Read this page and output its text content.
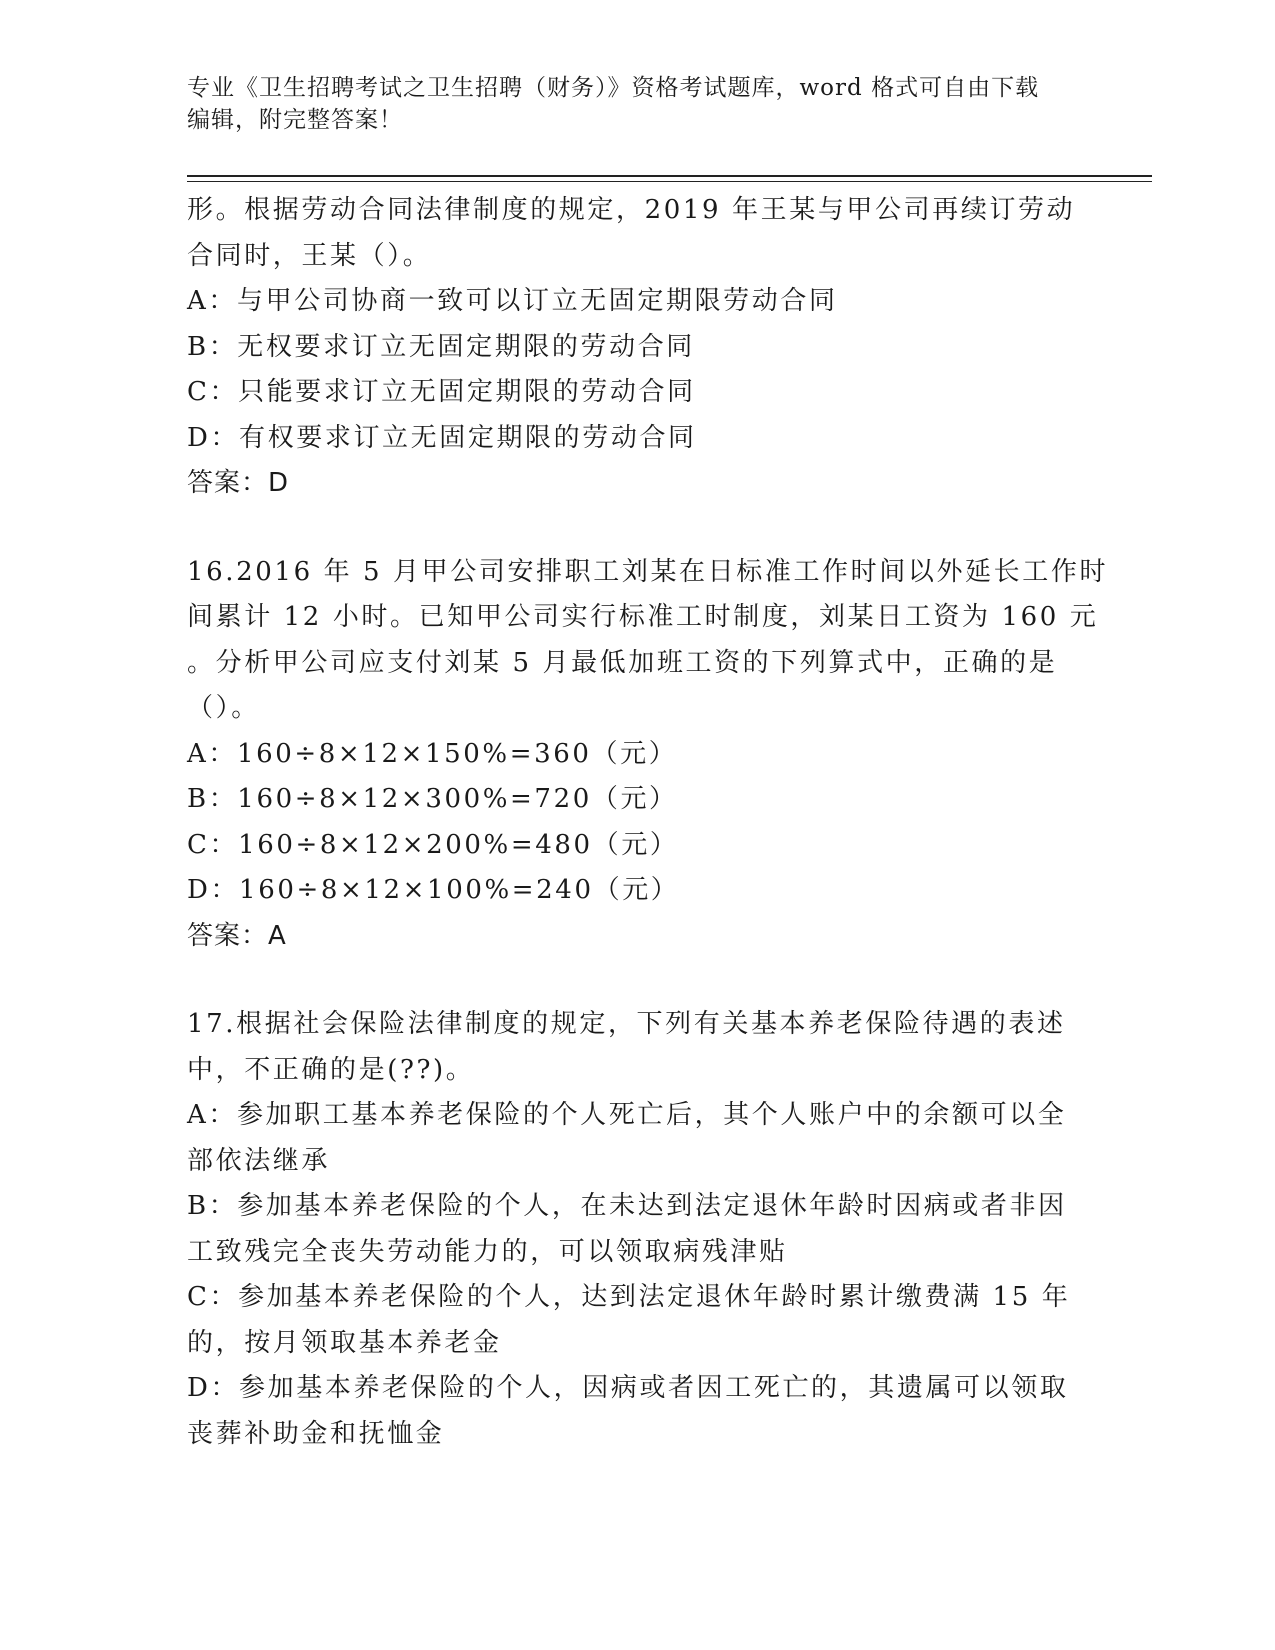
专业《卫生招聘考试之卫生招聘（财务）》资格考试题库，word 格式可自由下载
编辑，附完整答案！
形。根据劳动合同法律制度的规定，2019 年王某与甲公司再续订劳动
合同时，王某（）。
A：与甲公司协商一致可以订立无固定期限劳动合同
B：无权要求订立无固定期限的劳动合同
C：只能要求订立无固定期限的劳动合同
D：有权要求订立无固定期限的劳动合同
答案：D
16.2016 年 5 月甲公司安排职工刘某在日标准工作时间以外延长工作时
间累计 12 小时。已知甲公司实行标准工时制度，刘某日工资为 160 元
。分析甲公司应支付刘某 5 月最低加班工资的下列算式中，正确的是
（）。
A：160÷8×12×150%=360（元）
B：160÷8×12×300%=720（元）
C：160÷8×12×200%=480（元）
D：160÷8×12×100%=240（元）
答案：A
17.根据社会保险法律制度的规定，下列有关基本养老保险待遇的表述
中，不正确的是(??)。
A：参加职工基本养老保险的个人死亡后，其个人账户中的余额可以全
部依法继承
B：参加基本养老保险的个人，在未达到法定退休年龄时因病或者非因
工致残完全丧失劳动能力的，可以领取病残津贴
C：参加基本养老保险的个人，达到法定退休年龄时累计缴费满 15 年
的，按月领取基本养老金
D：参加基本养老保险的个人，因病或者因工死亡的，其遗属可以领取
丧葬补助金和抚恤金
